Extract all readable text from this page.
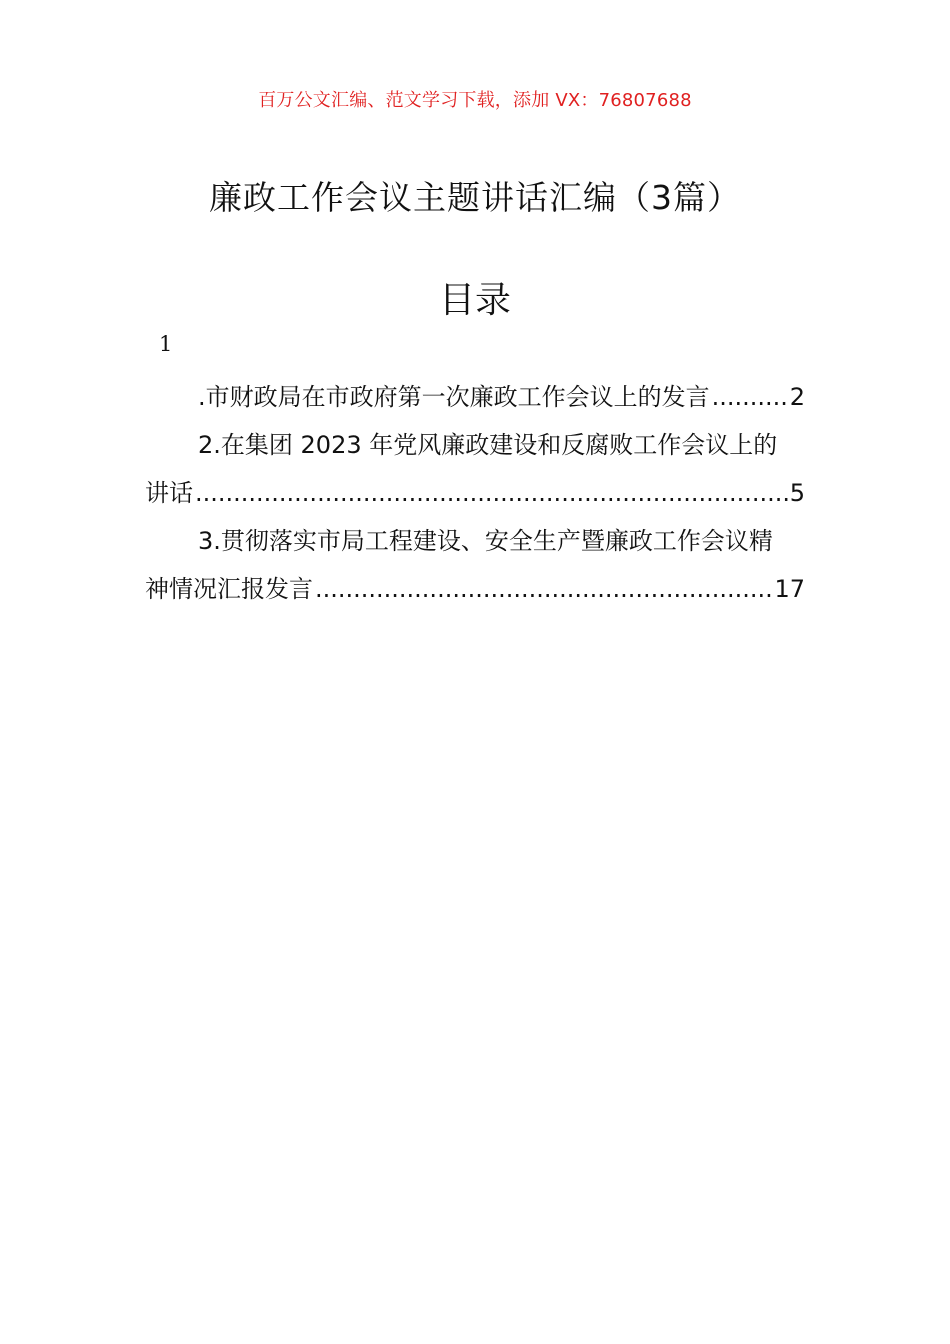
百万公文汇编、范文学习下载，添加 VX：76807688
廉政工作会议主题讲话汇编（3篇）
目录
1
.市财政局在市政府第一次廉政工作会议上的发言 .....	2
2.在集团 2023 年党风廉政建设和反腐败工作会议上的
讲话 .....	5
3.贯彻落实市局工程建设、安全生产暨廉政工作会议精
神情况汇报发言 .....	17
